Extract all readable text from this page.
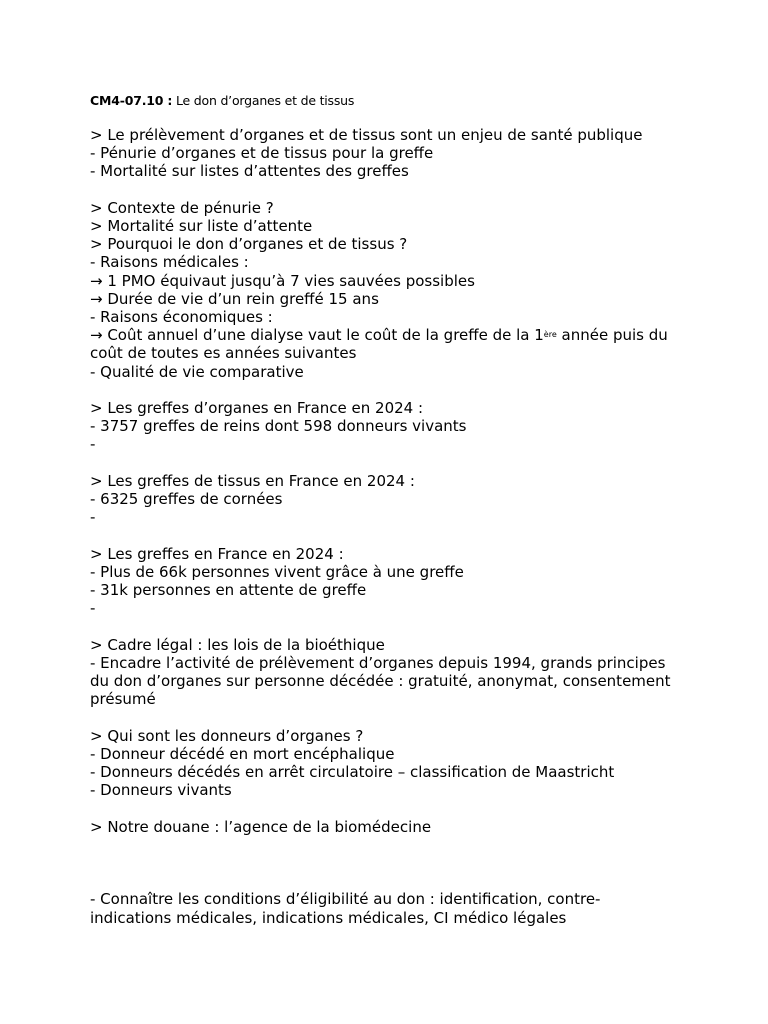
CM4-07.10 : Le don d’organes et de tissus
> Le prélèvement d’organes et de tissus sont un enjeu de santé publique
- Pénurie d’organes et de tissus pour la greffe
- Mortalité sur listes d’attentes des greffes
> Contexte de pénurie ?
> Mortalité sur liste d’attente
> Pourquoi le don d’organes et de tissus ?
- Raisons médicales :
→ 1 PMO équivaut jusqu’à 7 vies sauvées possibles
→ Durée de vie d’un rein greffé 15 ans
- Raisons économiques :
→ Coût annuel d’une dialyse vaut le coût de la greffe de la 1ère année puis du
coût de toutes es années suivantes
- Qualité de vie comparative
> Les greffes d’organes en France en 2024 :
- 3757 greffes de reins dont 598 donneurs vivants
-
> Les greffes de tissus en France en 2024 :
- 6325 greffes de cornées
-
> Les greffes en France en 2024 :
- Plus de 66k personnes vivent grâce à une greffe
- 31k personnes en attente de greffe
-
> Cadre légal : les lois de la bioéthique
- Encadre l’activité de prélèvement d’organes depuis 1994, grands principes
du don d’organes sur personne décédée : gratuité, anonymat, consentement
présumé
> Qui sont les donneurs d’organes ?
- Donneur décédé en mort encéphalique
- Donneurs décédés en arrêt circulatoire – classification de Maastricht
- Donneurs vivants
> Notre douane : l’agence de la biomédecine
- Connaître les conditions d’éligibilité au don : identification, contre-
indications médicales, indications médicales, CI médico légales
